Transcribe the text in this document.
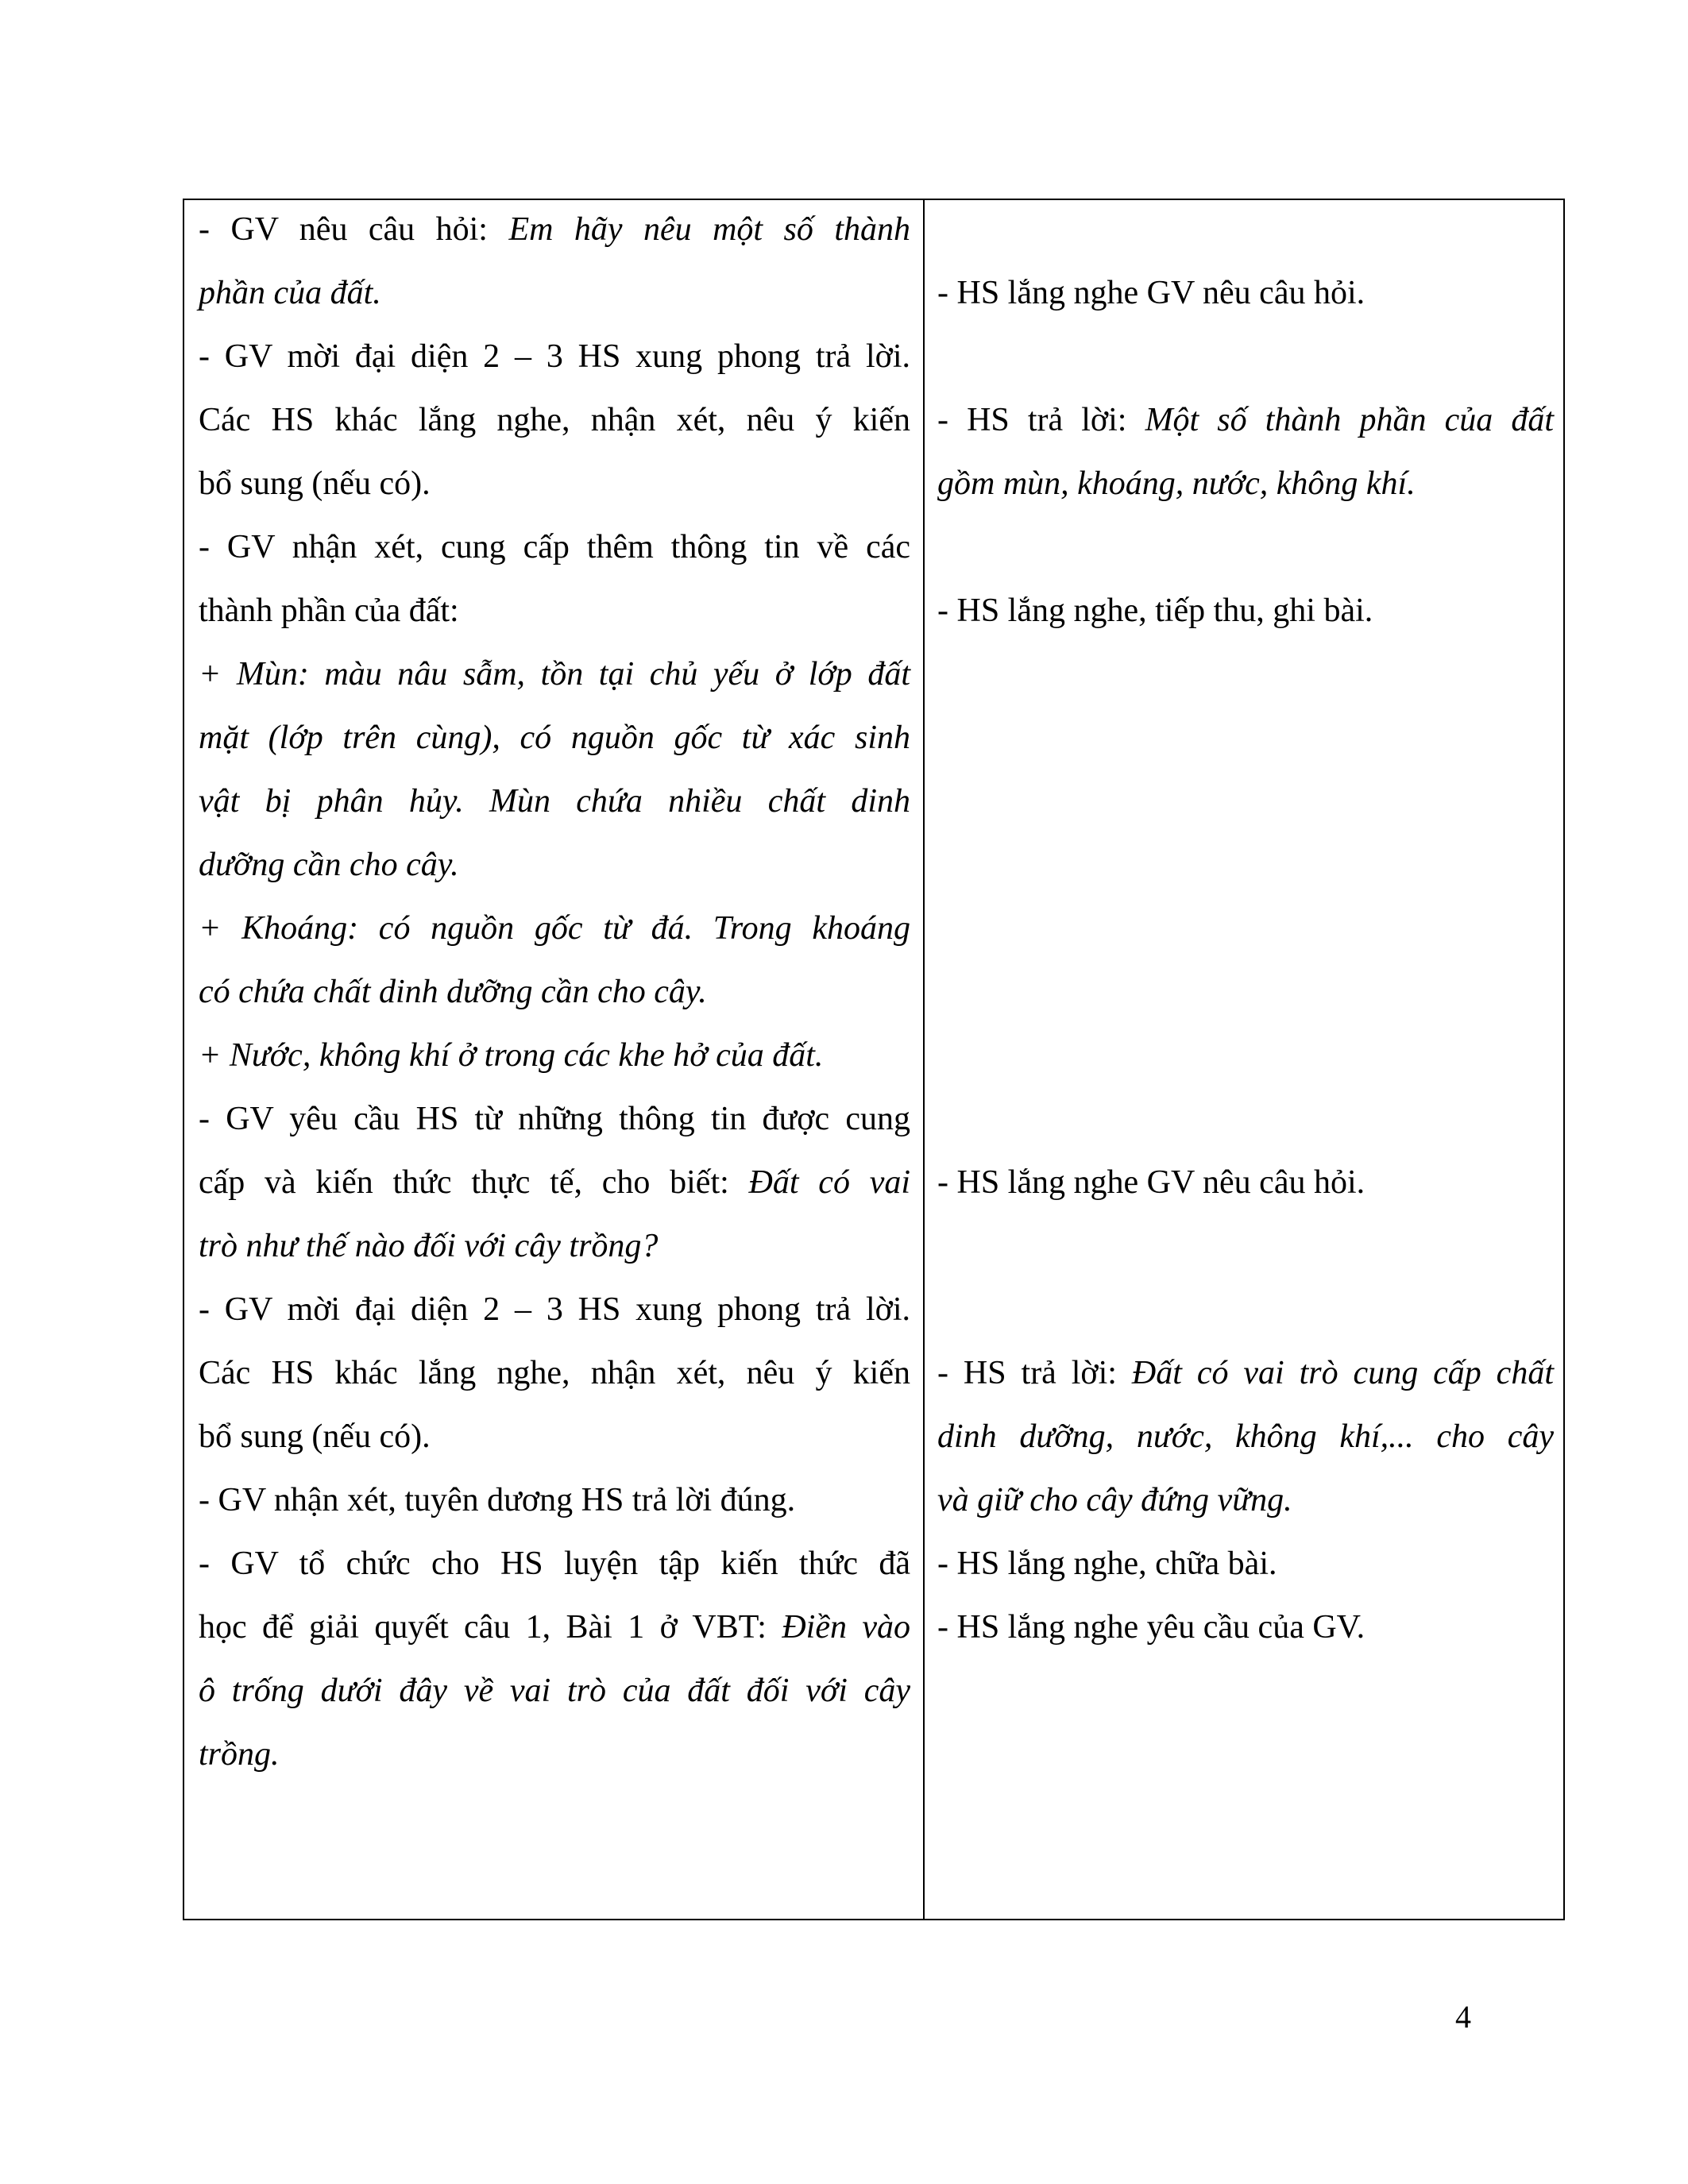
- GV nêu câu hỏi: Em hãy nêu một số thành
phần của đất.
- GV mời đại diện 2 – 3 HS xung phong trả lời.
Các HS khác lắng nghe, nhận xét, nêu ý kiến
bổ sung (nếu có).
- GV nhận xét, cung cấp thêm thông tin về các
thành phần của đất:
+ Mùn: màu nâu sẫm, tồn tại chủ yếu ở lớp đất
mặt (lớp trên cùng), có nguồn gốc từ xác sinh
vật bị phân hủy. Mùn chứa nhiều chất dinh
dưỡng cần cho cây.
+ Khoáng: có nguồn gốc từ đá. Trong khoáng
có chứa chất dinh dưỡng cần cho cây.
+ Nước, không khí ở trong các khe hở của đất.
- GV yêu cầu HS từ những thông tin được cung
cấp và kiến thức thực tế, cho biết: Đất có vai
trò như thế nào đối với cây trồng?
- GV mời đại diện 2 – 3 HS xung phong trả lời.
Các HS khác lắng nghe, nhận xét, nêu ý kiến
bổ sung (nếu có).
- GV nhận xét, tuyên dương HS trả lời đúng.
- GV tổ chức cho HS luyện tập kiến thức đã
học để giải quyết câu 1, Bài 1 ở VBT: Điền vào
ô trống dưới đây về vai trò của đất đối với cây
trồng.
- HS lắng nghe GV nêu câu hỏi.
- HS trả lời: Một số thành phần của đất
gồm mùn, khoáng, nước, không khí.
- HS lắng nghe, tiếp thu, ghi bài.
- HS lắng nghe GV nêu câu hỏi.
- HS trả lời: Đất có vai trò cung cấp chất
dinh dưỡng, nước, không khí,... cho cây
và giữ cho cây đứng vững.
- HS lắng nghe, chữa bài.
- HS lắng nghe yêu cầu của GV.
4
